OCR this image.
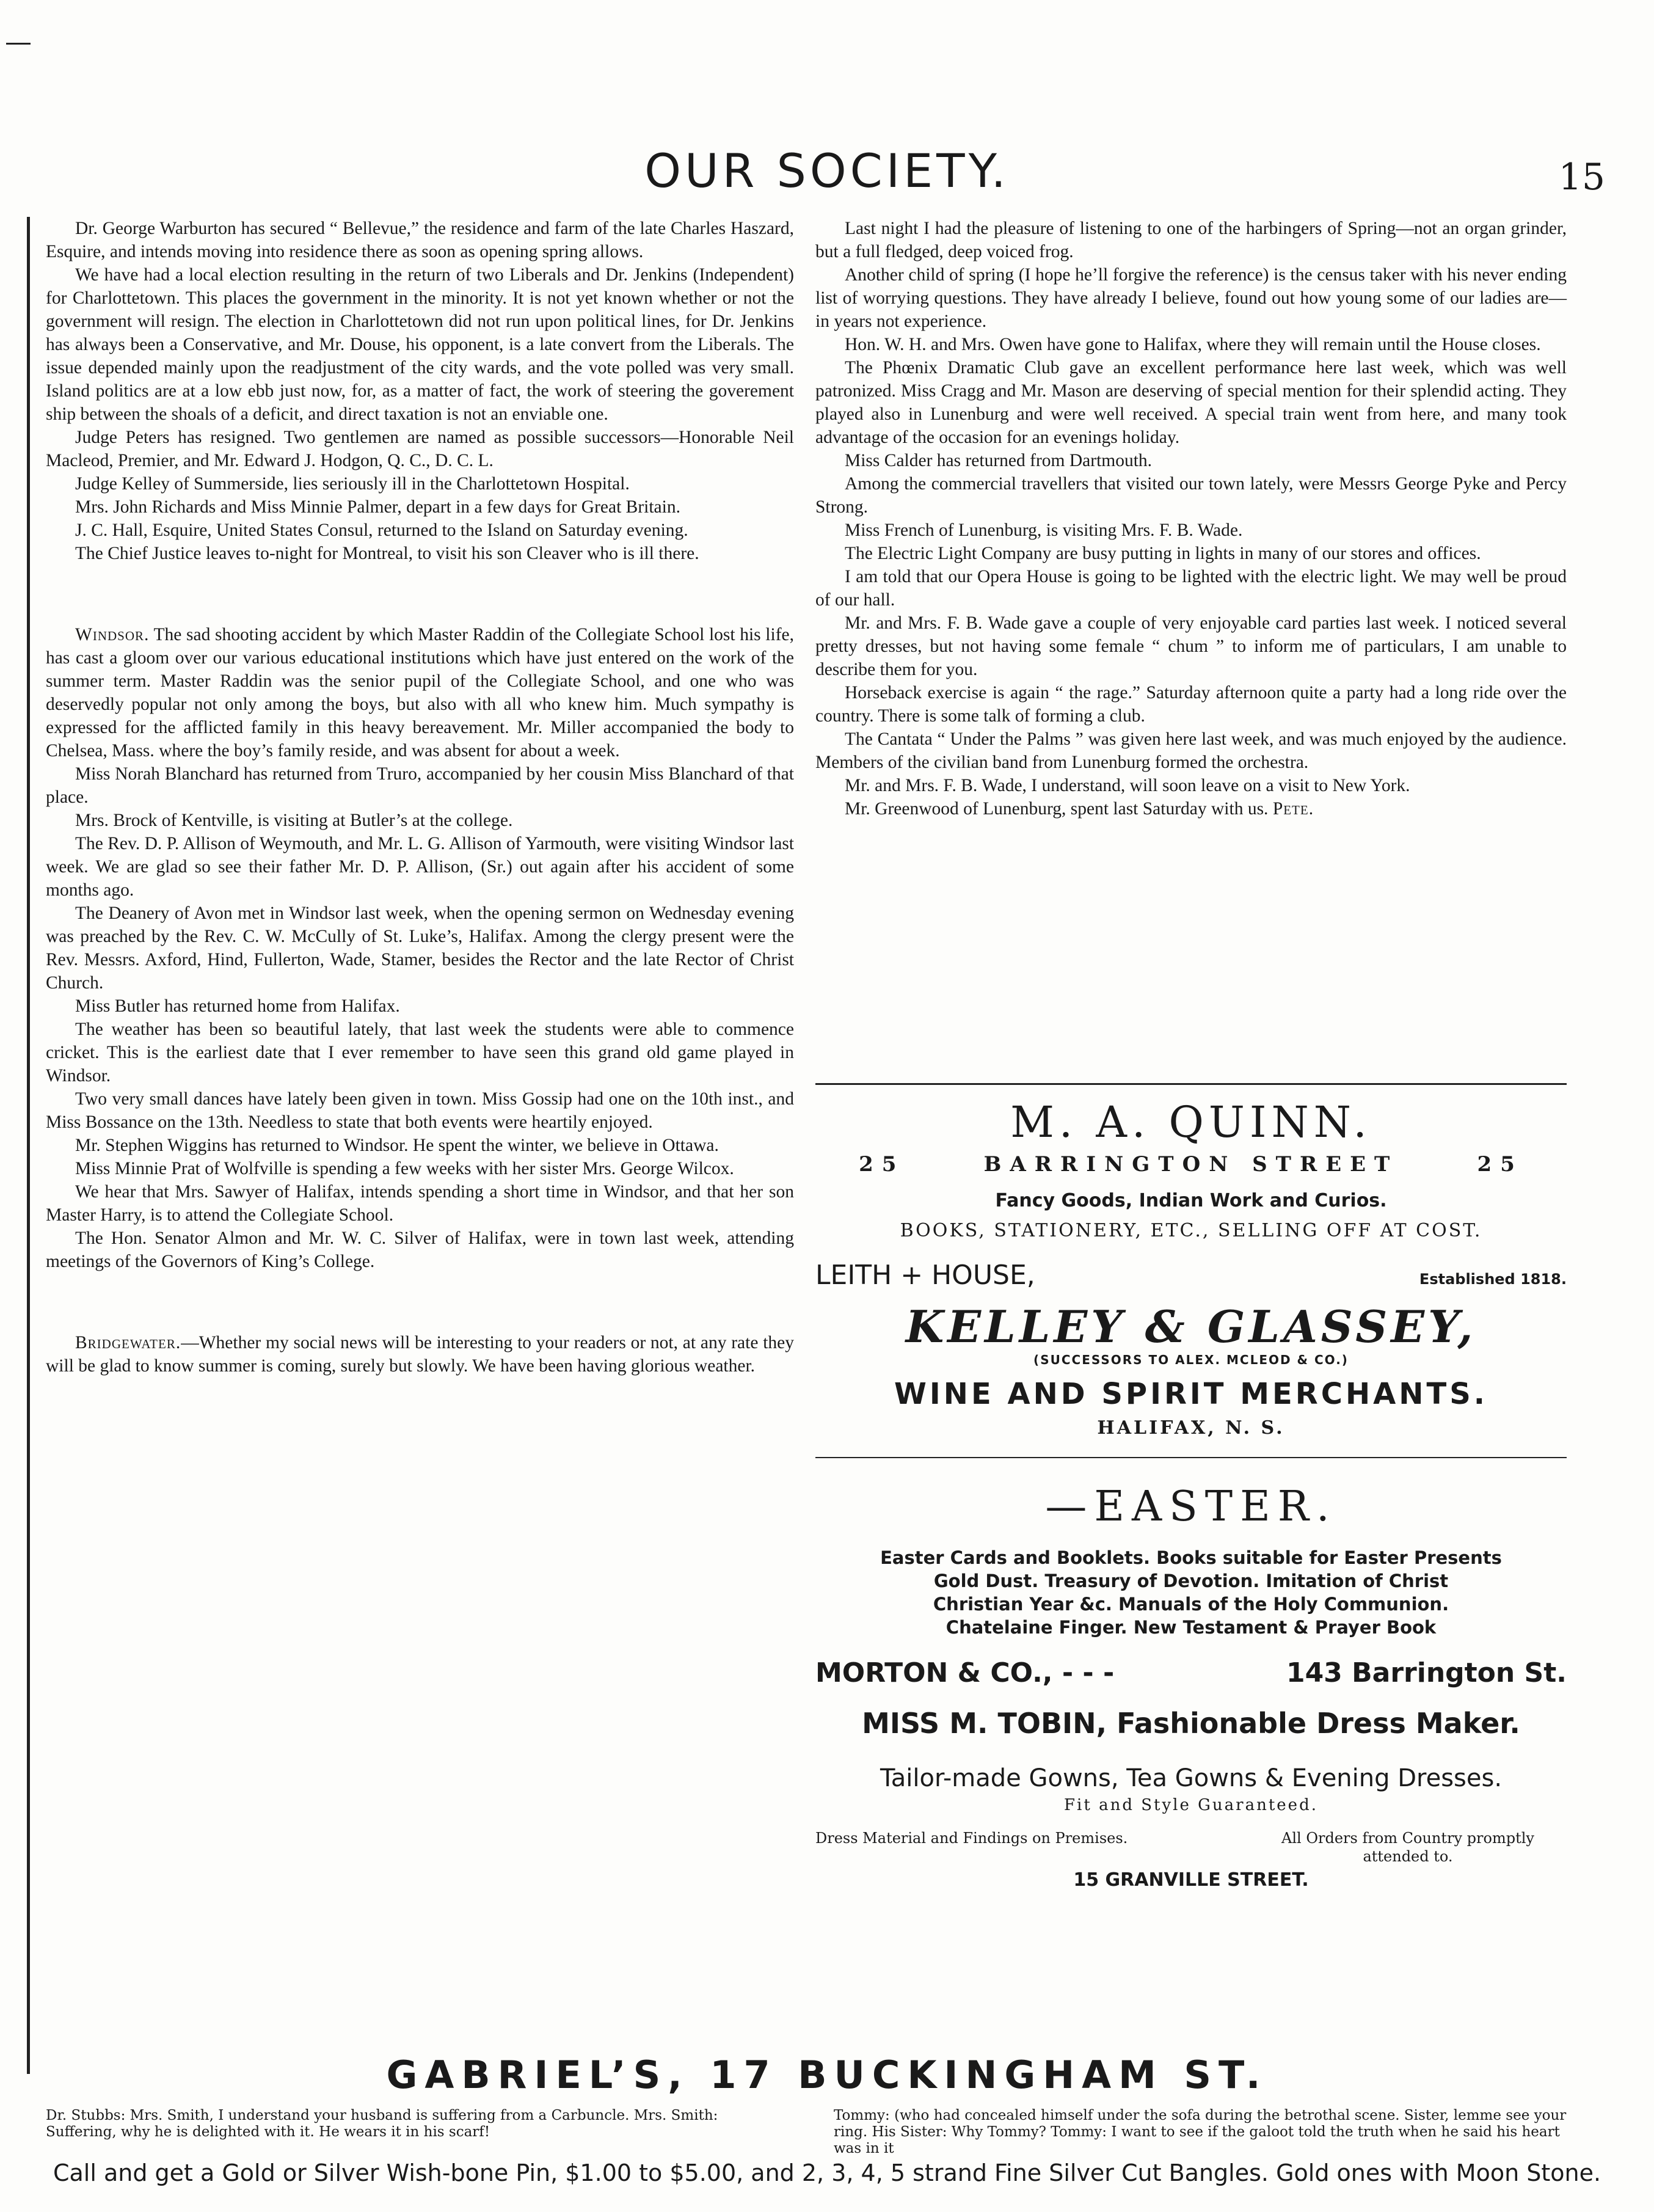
OUR SOCIETY.	15

Dr. George Warburton has secured “ Bellevue,” the residence and farm of the late Charles Haszard, Esquire, and intends moving into residence there as soon as opening spring allows.

We have had a local election resulting in the return of two Liberals and Dr. Jenkins (Independent) for Charlottetown. This places the government in the minority. It is not yet known whether or not the government will resign. The election in Charlottetown did not run upon political lines, for Dr. Jenkins has always been a Conservative, and Mr. Douse, his opponent, is a late convert from the Liberals. The issue depended mainly upon the readjustment of the city wards, and the vote polled was very small. Island politics are at a low ebb just now, for, as a matter of fact, the work of steering the goverement ship between the shoals of a deficit, and direct taxation is not an enviable one.

Judge Peters has resigned. Two gentlemen are named as possible successors—Honorable Neil Macleod, Premier, and Mr. Edward J. Hodgon, Q. C., D. C. L.

Judge Kelley of Summerside, lies seriously ill in the Charlottetown Hospital.

Mrs. John Richards and Miss Minnie Palmer, depart in a few days for Great Britain.

J. C. Hall, Esquire, United States Consul, returned to the Island on Saturday evening.

The Chief Justice leaves to-night for Montreal, to visit his son Cleaver who is ill there.

Windsor. The sad shooting accident by which Master Raddin of the Collegiate School lost his life, has cast a gloom over our various educational institutions which have just entered on the work of the summer term. Master Raddin was the senior pupil of the Collegiate School, and one who was deservedly popular not only among the boys, but also with all who knew him. Much sympathy is expressed for the afflicted family in this heavy bereavement. Mr. Miller accompanied the body to Chelsea, Mass. where the boy’s family reside, and was absent for about a week.

Miss Norah Blanchard has returned from Truro, accompanied by her cousin Miss Blanchard of that place.

Mrs. Brock of Kentville, is visiting at Butler’s at the college.

The Rev. D. P. Allison of Weymouth, and Mr. L. G. Allison of Yarmouth, were visiting Windsor last week. We are glad so see their father Mr. D. P. Allison, (Sr.) out again after his accident of some months ago.

The Deanery of Avon met in Windsor last week, when the opening sermon on Wednesday evening was preached by the Rev. C. W. McCully of St. Luke’s, Halifax. Among the clergy present were the Rev. Messrs. Axford, Hind, Fullerton, Wade, Stamer, besides the Rector and the late Rector of Christ Church.

Miss Butler has returned home from Halifax.

The weather has been so beautiful lately, that last week the students were able to commence cricket. This is the earliest date that I ever remember to have seen this grand old game played in Windsor.

Two very small dances have lately been given in town. Miss Gossip had one on the 10th inst., and Miss Bossance on the 13th. Needless to state that both events were heartily enjoyed.

Mr. Stephen Wiggins has returned to Windsor. He spent the winter, we believe in Ottawa.

Miss Minnie Prat of Wolfville is spending a few weeks with her sister Mrs. George Wilcox.

We hear that Mrs. Sawyer of Halifax, intends spending a short time in Windsor, and that her son Master Harry, is to attend the Collegiate School.

The Hon. Senator Almon and Mr. W. C. Silver of Halifax, were in town last week, attending meetings of the Governors of King’s College.

Bridgewater.—Whether my social news will be interesting to your readers or not, at any rate they will be glad to know summer is coming, surely but slowly. We have been having glorious weather.

Last night I had the pleasure of listening to one of the harbingers of Spring—not an organ grinder, but a full fledged, deep voiced frog.

Another child of spring (I hope he’ll forgive the reference) is the census taker with his never ending list of worrying questions. They have already I believe, found out how young some of our ladies are—in years not experience.

Hon. W. H. and Mrs. Owen have gone to Halifax, where they will remain until the House closes.

The Phœnix Dramatic Club gave an excellent performance here last week, which was well patronized. Miss Cragg and Mr. Mason are deserving of special mention for their splendid acting. They played also in Lunenburg and were well received. A special train went from here, and many took advantage of the occasion for an evenings holiday.

Miss Calder has returned from Dartmouth.

Among the commercial travellers that visited our town lately, were Messrs George Pyke and Percy Strong.

Miss French of Lunenburg, is visiting Mrs. F. B. Wade.

The Electric Light Company are busy putting in lights in many of our stores and offices.

I am told that our Opera House is going to be lighted with the electric light. We may well be proud of our hall.

Mr. and Mrs. F. B. Wade gave a couple of very enjoyable card parties last week. I noticed several pretty dresses, but not having some female “ chum ” to inform me of particulars, I am unable to describe them for you.

Horseback exercise is again “ the rage.” Saturday afternoon quite a party had a long ride over the country. There is some talk of forming a club.

The Cantata “ Under the Palms ” was given here last week, and was much enjoyed by the audience. Members of the civilian band from Lunenburg formed the orchestra.

Mr. and Mrs. F. B. Wade, I understand, will soon leave on a visit to New York.

Mr. Greenwood of Lunenburg, spent last Saturday with us. Pete.

M. A. QUINN.
25	BARRINGTON STREET	25
Fancy Goods, Indian Work and Curios.
BOOKS, STATIONERY, ETC., SELLING OFF AT COST.
LEITH + HOUSE,	Established 1818.
KELLEY & GLASSEY,
(SUCCESSORS TO ALEX. MCLEOD & CO.)
WINE AND SPIRIT MERCHANTS.
HALIFAX, N. S.
—EASTER.
Easter Cards and Booklets. Books suitable for Easter Presents
Gold Dust. Treasury of Devotion. Imitation of Christ
Christian Year &c. Manuals of the Holy Communion.
Chatelaine Finger. New Testament & Prayer Book
MORTON & CO., - - -	143 Barrington St.
MISS M. TOBIN, Fashionable Dress Maker.
Tailor-made Gowns, Tea Gowns & Evening Dresses.
Fit and Style Guaranteed.
Dress Material and Findings on Premises.	All Orders from Country promptly attended to.
15 GRANVILLE STREET.
GABRIEL’S, 17 BUCKINGHAM ST.
Dr. Stubbs: Mrs. Smith, I understand your husband is suffering from a Carbuncle. Mrs. Smith: Suffering, why he is delighted with it. He wears it in his scarf!
Tommy: (who had concealed himself under the sofa during the betrothal scene. Sister, lemme see your ring. His Sister: Why Tommy? Tommy: I want to see if the galoot told the truth when he said his heart was in it
Call and get a Gold or Silver Wish-bone Pin, $1.00 to $5.00, and 2, 3, 4, 5 strand Fine Silver Cut Bangles. Gold ones with Moon Stone.
